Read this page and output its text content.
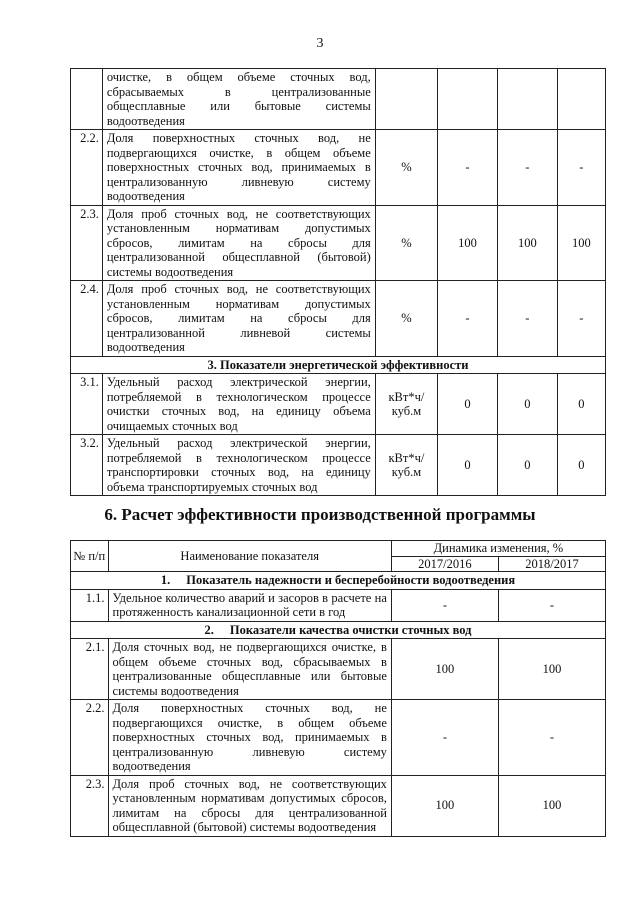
3
	очистке, в общем объеме сточных вод, сбрасываемых в централизованные общесплавные или бытовые системы водоотведения				
2.2.	Доля поверхностных сточных вод, не подвергающихся очистке, в общем объеме поверхностных сточных вод, принимаемых в централизованную ливневую систему водоотведения	%	-	-	-
2.3.	Доля проб сточных вод, не соответствующих установленным нормативам допустимых сбросов, лимитам на сбросы для централизованной общесплавной (бытовой) системы водоотведения	%	100	100	100
2.4.	Доля проб сточных вод, не соответствующих установленным нормативам допустимых сбросов, лимитам на сбросы для централизованной ливневой системы водоотведения	%	-	-	-
3. Показатели энергетической эффективности					
3.1.	Удельный расход электрической энергии, потребляемой в технологическом процессе очистки сточных вод, на единицу объема очищаемых сточных вод	кВт*ч/ куб.м	0	0	0
3.2.	Удельный расход электрической энергии, потребляемой в технологическом процессе транспортировки сточных вод, на единицу объема транспортируемых сточных вод	кВт*ч/ куб.м	0	0	0
6. Расчет эффективности производственной программы
№ п/п	Наименование показателя	Динамика изменения, %	
		2017/2016	2018/2017
1. Показатель надежности и бесперебойности водоотведения			
1.1.	Удельное количество аварий и засоров в расчете на протяженность канализационной сети в год	-	-
2. Показатели качества очистки сточных вод			
2.1.	Доля сточных вод, не подвергающихся очистке, в общем объеме сточных вод, сбрасываемых в централизованные общесплавные или бытовые системы водоотведения	100	100
2.2.	Доля поверхностных сточных вод, не подвергающихся очистке, в общем объеме поверхностных сточных вод, принимаемых в централизованную ливневую систему водоотведения	-	-
2.3.	Доля проб сточных вод, не соответствующих установленным нормативам допустимых сбросов, лимитам на сбросы для централизованной общесплавной (бытовой) системы водоотведения	100	100
